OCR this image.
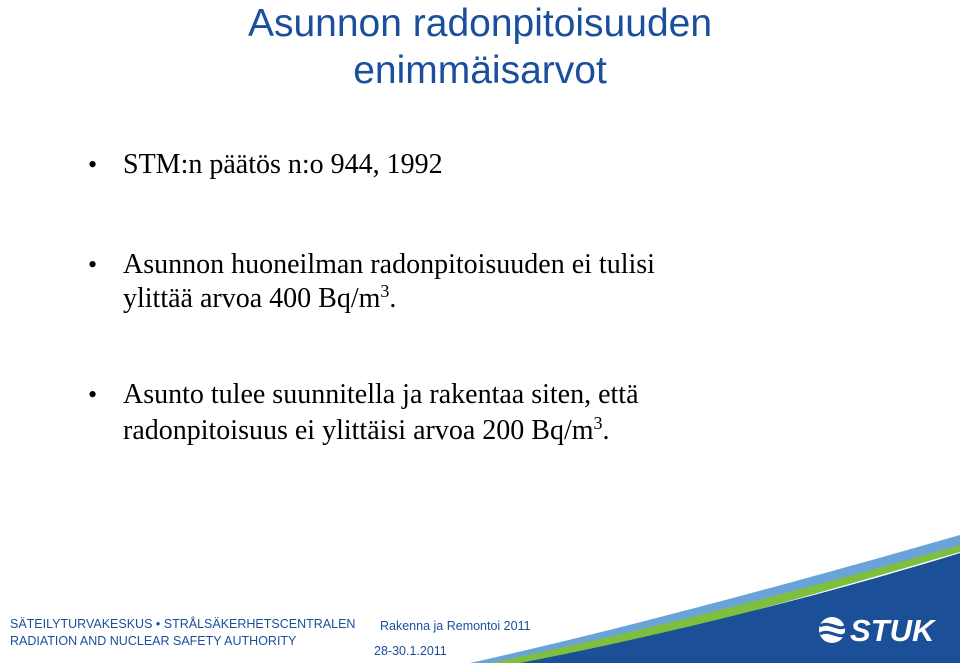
Asunnon radonpitoisuuden
enimmäisarvot
• STM:n päätös n:o 944, 1992
• Asunnon huoneilman radonpitoisuuden ei tulisi
ylittää arvoa 400 $Bq/m^3$.
• Asunto tulee suunnitella ja rakentaa siten, että
radonpitoisuus ei ylittäisi arvoa 200 $Bq/m^3$.
STUK
SÄTEILYTURVAKESKUS • STRÅLSÄKERHETSCENTRALEN
RADIATION AND NUCLEAR SAFETY AUTHORITY
Rakenna ja Remontoi 2011
28-30.1.2011
